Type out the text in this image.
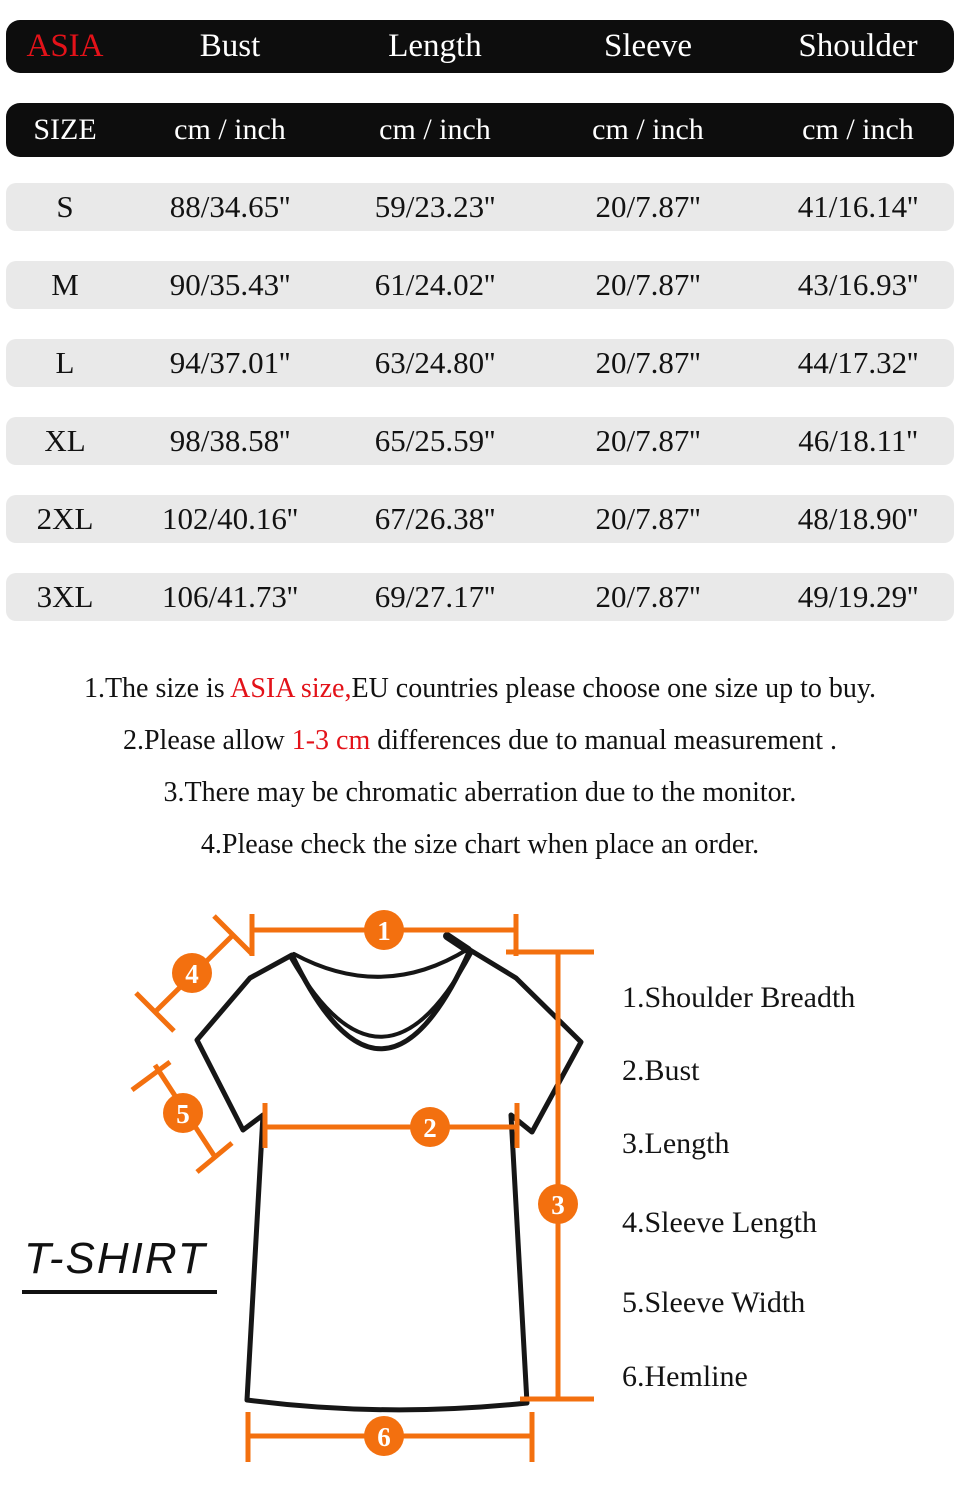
ASIA	Bust	Length	Sleeve	Shoulder
SIZE	cm / inch	cm / inch	cm / inch	cm / inch
S	88/34.65''	59/23.23''	20/7.87''	41/16.14''
M	90/35.43''	61/24.02''	20/7.87''	43/16.93''
L	94/37.01''	63/24.80''	20/7.87''	44/17.32''
XL	98/38.58''	65/25.59''	20/7.87''	46/18.11''
2XL 102/40.16'' 67/26.38''	20/7.87''	48/18.90''
3XL 106/41.73'' 69/27.17''	20/7.87''	49/19.29''

1.The size is ASIA size,EU countries please choose one size up to buy.

2.Please allow 1-3 cm differences due to manual measurement .

3.There may be chromatic aberration due to the monitor.

4.Please check the size chart when place an order.

1
2
3
4
5
6
T-SHIRT
1.Shoulder Breadth
2.Bust
3.Length
4.Sleeve Length
5.Sleeve Width
6.Hemline
